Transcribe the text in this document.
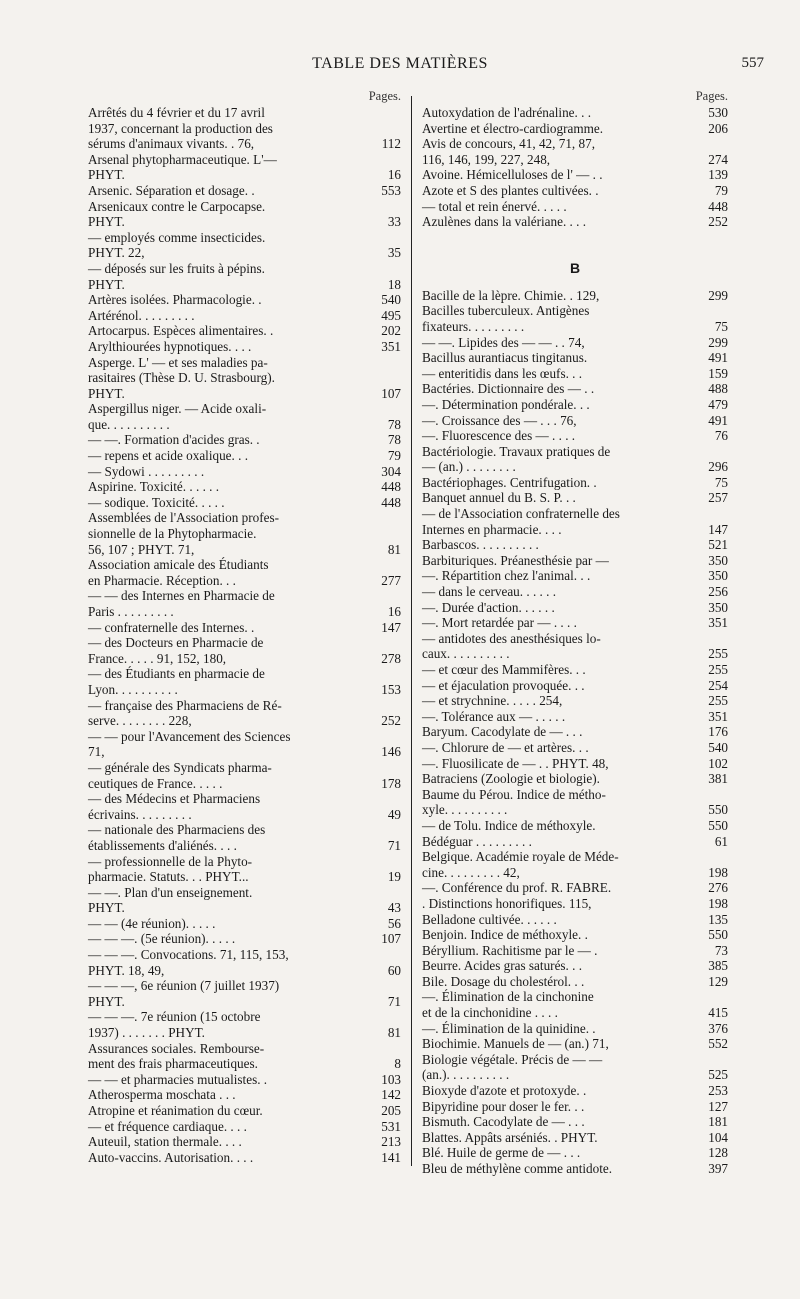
TABLE DES MATIÈRES	557
Pages.
Arrêtés du 4 février et du 17 avril
1937, concernant la production des
sérums d'animaux vivants. . 76,	112
Arsenal phytopharmaceutique. L'—
PHYT.	16
Arsenic. Séparation et dosage. .	553
Arsenicaux contre le Carpocapse.
PHYT.	33
— employés comme insecticides.
PHYT. 22,	35
— déposés sur les fruits à pépins.
PHYT.	18
Artères isolées. Pharmacologie. .	540
Artérénol. . . . . . . . .	495
Artocarpus. Espèces alimentaires. .	202
Arylthiourées hypnotiques. . . .	351
Asperge. L' — et ses maladies pa-
rasitaires (Thèse D. U. Strasbourg).
PHYT.	107
Aspergillus niger. — Acide oxali-
que. . . . . . . . . .	78
— —. Formation d'acides gras. .	78
— repens et acide oxalique. . .	79
— Sydowi . . . . . . . . .	304
Aspirine. Toxicité. . . . . .	448
— sodique. Toxicité. . . . .	448
Assemblées de l'Association profes-
sionnelle de la Phytopharmacie.
56, 107 ; PHYT. 71,	81
Association amicale des Étudiants
en Pharmacie. Réception. . .	277
— — des Internes en Pharmacie de
Paris . . . . . . . . .	16
— confraternelle des Internes. .	147
— des Docteurs en Pharmacie de
France. . . . . 91, 152, 180,	278
— des Étudiants en pharmacie de
Lyon. . . . . . . . . .	153
— française des Pharmaciens de Ré-
serve. . . . . . . . 228,	252
— — pour l'Avancement des Sciences
71,	146
— générale des Syndicats pharma-
ceutiques de France. . . . .	178
— des Médecins et Pharmaciens
écrivains. . . . . . . . .	49
— nationale des Pharmaciens des
établissements d'aliénés. . . .	71
— professionnelle de la Phyto-
pharmacie. Statuts. . . PHYT...	19
— —. Plan d'un enseignement.
PHYT.	43
— — (4e réunion). . . . .	56
— — —. (5e réunion). . . . .	107
— — —. Convocations. 71, 115, 153,
PHYT. 18, 49,	60
— — —, 6e réunion (7 juillet 1937)
PHYT.	71
— — —. 7e réunion (15 octobre
1937) . . . . . . . PHYT.	81
Assurances sociales. Rembourse-
ment des frais pharmaceutiques.	8
— — et pharmacies mutualistes. .	103
Atherosperma moschata . . .	142
Atropine et réanimation du cœur.	205
— et fréquence cardiaque. . . .	531
Auteuil, station thermale. . . .	213
Auto-vaccins. Autorisation. . . .	141
Pages.
Autoxydation de l'adrénaline. . .	530
Avertine et électro-cardiogramme.	206
Avis de concours, 41, 42, 71, 87,
116, 146, 199, 227, 248,	274
Avoine. Hémicelluloses de l' — . .	139
Azote et S des plantes cultivées. .	79
— total et rein énervé. . . . .	448
Azulènes dans la valériane. . . .	252
B
Bacille de la lèpre. Chimie. . 129,	299
Bacilles tuberculeux. Antigènes
fixateurs. . . . . . . . .	75
— —. Lipides des — — . . 74,	299
Bacillus aurantiacus tingitanus.	491
— enteritidis dans les œufs. . .	159
Bactéries. Dictionnaire des — . .	488
—. Détermination pondérale. . .	479
—. Croissance des — . . . 76,	491
—. Fluorescence des — . . . .	76
Bactériologie. Travaux pratiques de
— (an.) . . . . . . . .	296
Bactériophages. Centrifugation. .	75
Banquet annuel du B. S. P. . .	257
— de l'Association confraternelle des
Internes en pharmacie. . . .	147
Barbascos. . . . . . . . . .	521
Barbituriques. Préanesthésie par —	350
—. Répartition chez l'animal. . .	350
— dans le cerveau. . . . . .	256
—. Durée d'action. . . . . .	350
—. Mort retardée par — . . . .	351
— antidotes des anesthésiques lo-
caux. . . . . . . . . .	255
— et cœur des Mammifères. . .	255
— et éjaculation provoquée. . .	254
— et strychnine. . . . . 254,	255
—. Tolérance aux — . . . . .	351
Baryum. Cacodylate de — . . .	176
—. Chlorure de — et artères. . .	540
—. Fluosilicate de — . . PHYT. 48,	102
Batraciens (Zoologie et biologie).	381
Baume du Pérou. Indice de métho-
xyle. . . . . . . . . .	550
— de Tolu. Indice de méthoxyle.	550
Bédéguar . . . . . . . . .	61
Belgique. Académie royale de Méde-
cine. . . . . . . . . 42,	198
—. Conférence du prof. R. FABRE.	276
. Distinctions honorifiques. 115,	198
Belladone cultivée. . . . . .	135
Benjoin. Indice de méthoxyle. .	550
Béryllium. Rachitisme par le — .	73
Beurre. Acides gras saturés. . .	385
Bile. Dosage du cholestérol. . .	129
—. Élimination de la cinchonine
et de la cinchonidine . . . .	415
—. Élimination de la quinidine. .	376
Biochimie. Manuels de — (an.) 71,	552
Biologie végétale. Précis de — —
(an.). . . . . . . . . .	525
Bioxyde d'azote et protoxyde. .	253
Bipyridine pour doser le fer. . .	127
Bismuth. Cacodylate de — . . .	181
Blattes. Appâts arséniés. . PHYT.	104
Blé. Huile de germe de — . . .	128
Bleu de méthylène comme antidote.	397
